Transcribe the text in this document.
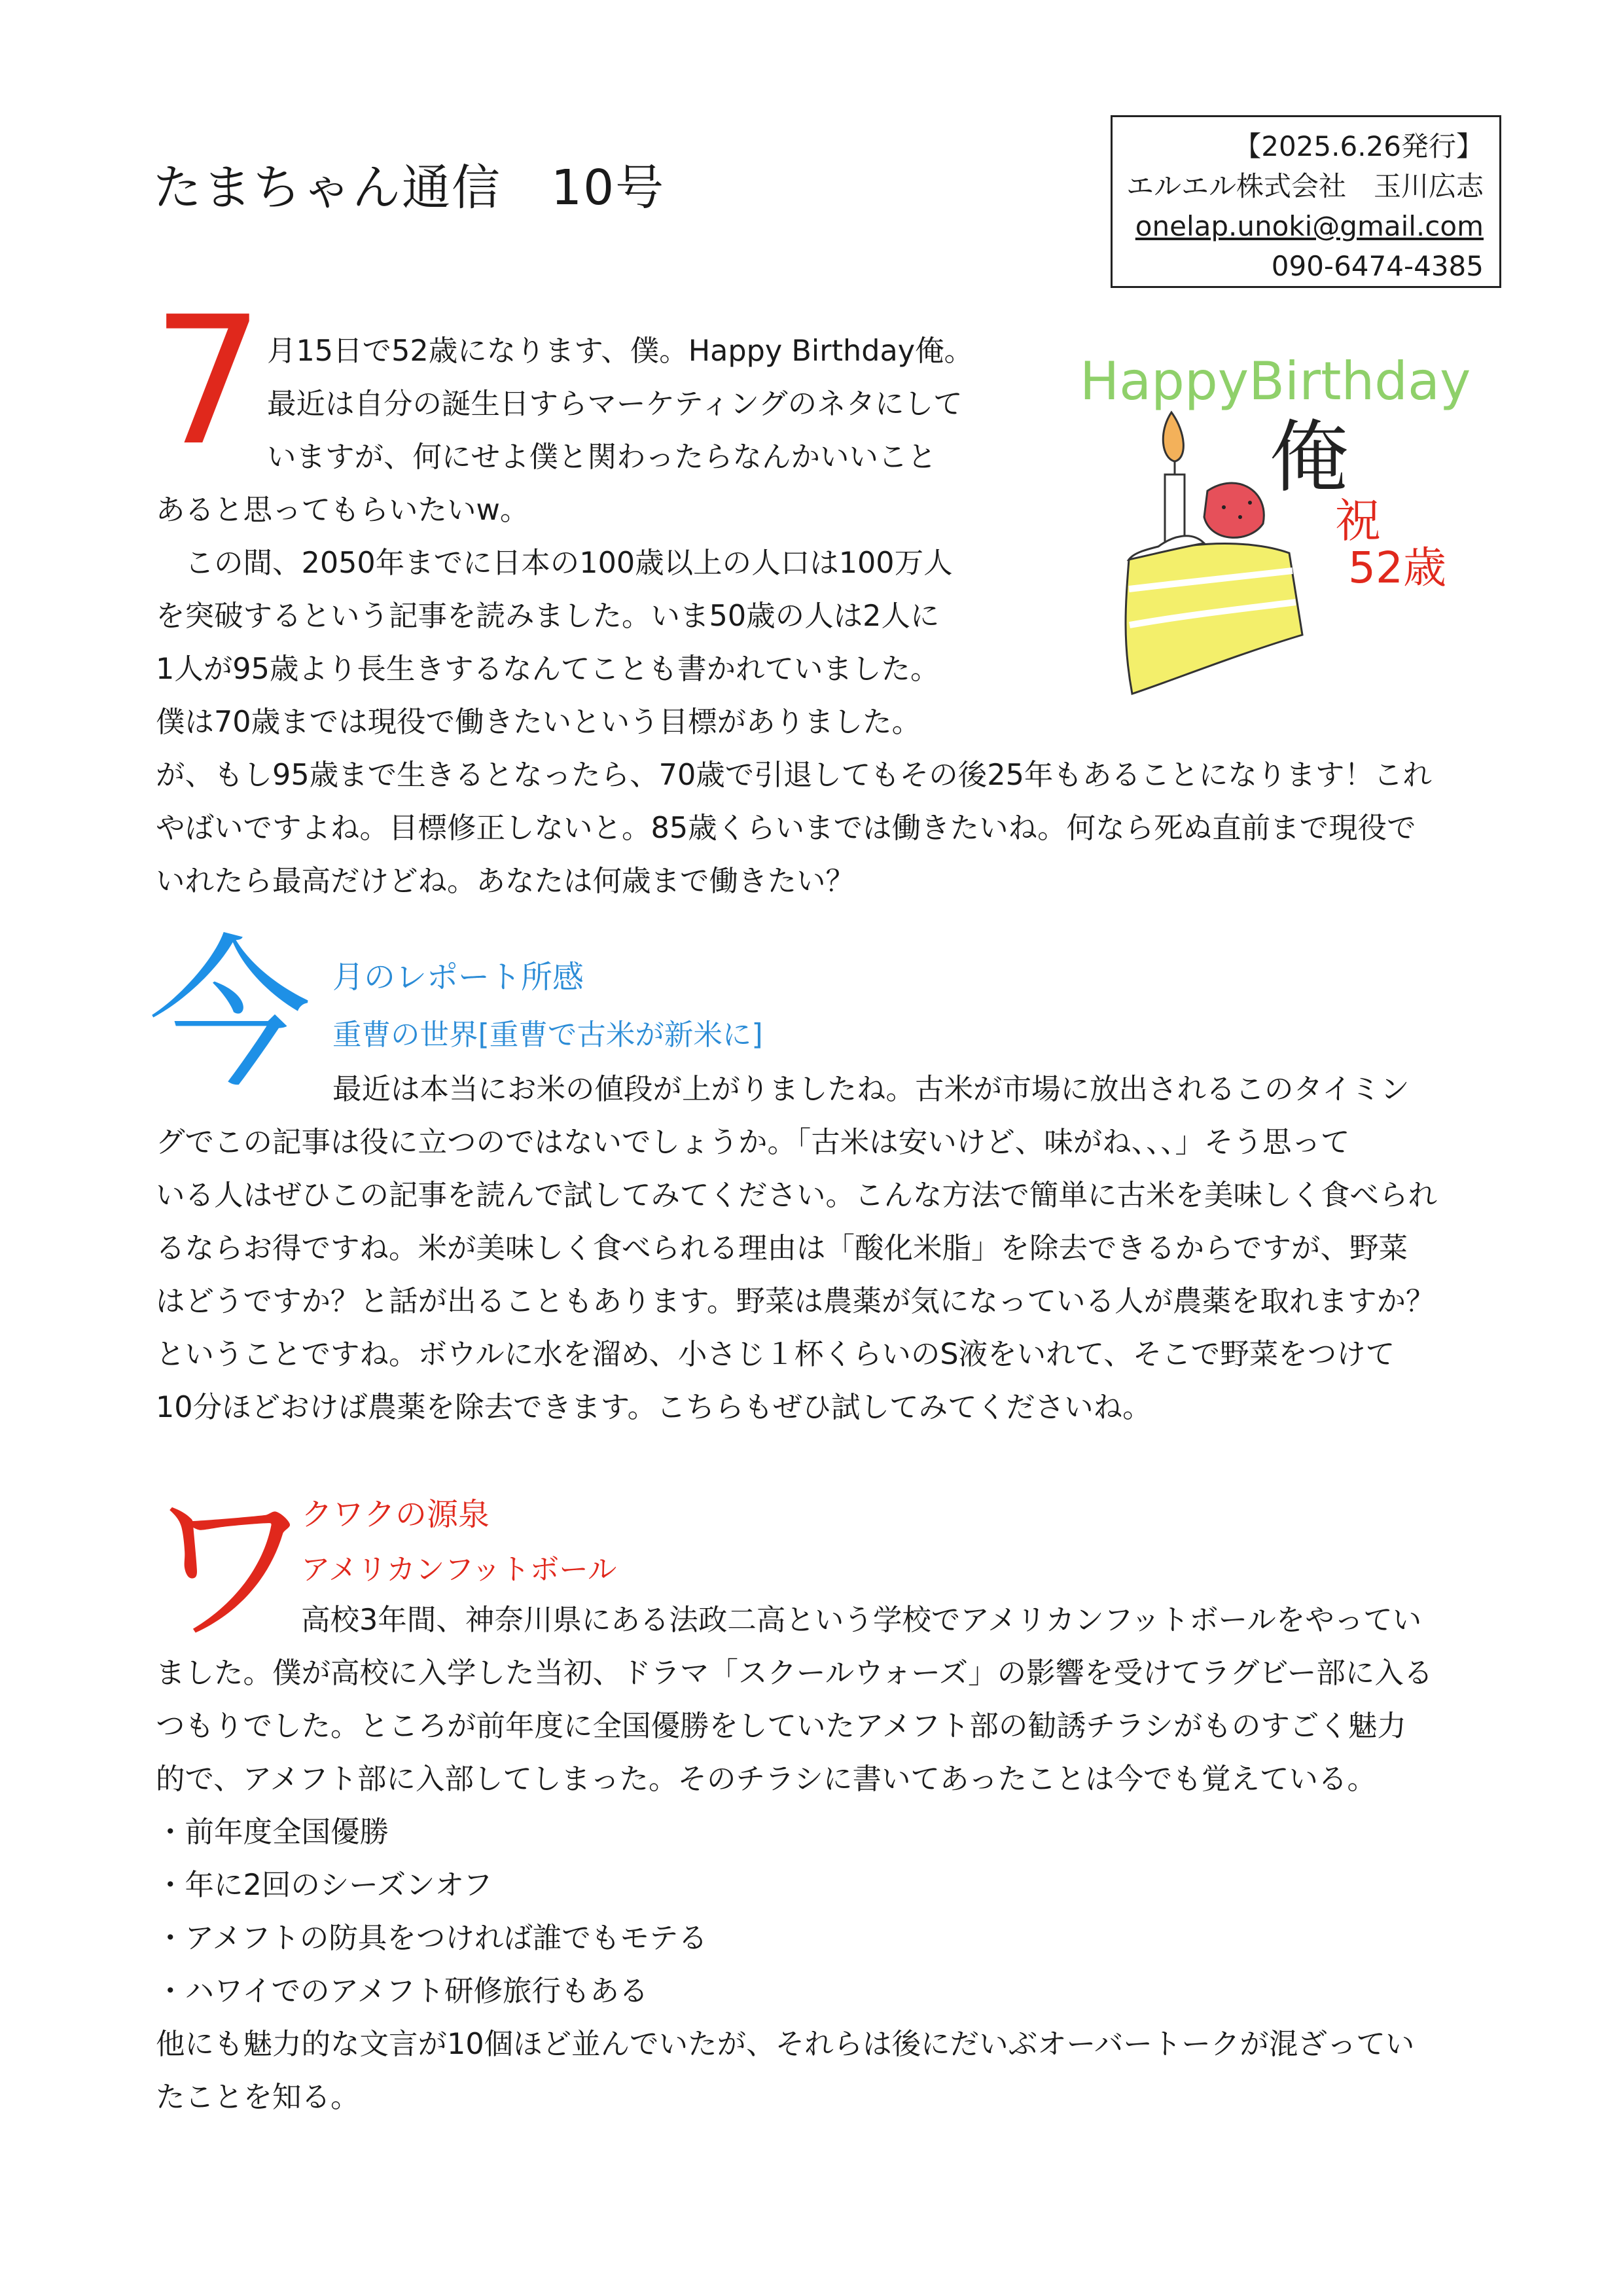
たまちゃん通信　10号
【2025.6.26発行】
エルエル株式会社　玉川広志
onelap.unoki@gmail.com
090-6474-4385
7 月15日で52歳になります、僕。Happy Birthday俺。

最近は自分の誕生日すらマーケティングのネタにして

いますが、何にせよ僕と関わったらなんかいいこと

あると思ってもらいたいw。

　この間、2050年までに日本の100歳以上の人口は100万人

を突破するという記事を読みました。いま50歳の人は2人に

1人が95歳より長生きするなんてことも書かれていました。

僕は70歳までは現役で働きたいという目標がありました。

が、もし95歳まで生きるとなったら、70歳で引退してもその後25年もあることになります！これ

やばいですよね。目標修正しないと。85歳くらいまでは働きたいね。何なら死ぬ直前まで現役で

いれたら最高だけどね。あなたは何歳まで働きたい？

HappyBirthday
俺
祝
52歳
今 月のレポート所感
重曹の世界[重曹で古米が新米に]

最近は本当にお米の値段が上がりましたね。古米が市場に放出されるこのタイミン

グでこの記事は役に立つのではないでしょうか。「古米は安いけど、味がね、、、」そう思って

いる人はぜひこの記事を読んで試してみてください。こんな方法で簡単に古米を美味しく食べられ

るならお得ですね。米が美味しく食べられる理由は「酸化米脂」を除去できるからですが、野菜

はどうですか？と話が出ることもあります。野菜は農薬が気になっている人が農薬を取れますか？

ということですね。ボウルに水を溜め、小さじ１杯くらいのS液をいれて、そこで野菜をつけて

10分ほどおけば農薬を除去できます。こちらもぜひ試してみてくださいね。

ワ
クワクの源泉
アメリカンフットボール

高校3年間、神奈川県にある法政二高という学校でアメリカンフットボールをやってい

ました。僕が高校に入学した当初、ドラマ「スクールウォーズ」の影響を受けてラグビー部に入る

つもりでした。ところが前年度に全国優勝をしていたアメフト部の勧誘チラシがものすごく魅力

的で、アメフト部に入部してしまった。そのチラシに書いてあったことは今でも覚えている。

・前年度全国優勝

・年に2回のシーズンオフ

・アメフトの防具をつければ誰でもモテる

・ハワイでのアメフト研修旅行もある

他にも魅力的な文言が10個ほど並んでいたが、それらは後にだいぶオーバートークが混ざってい

たことを知る。
